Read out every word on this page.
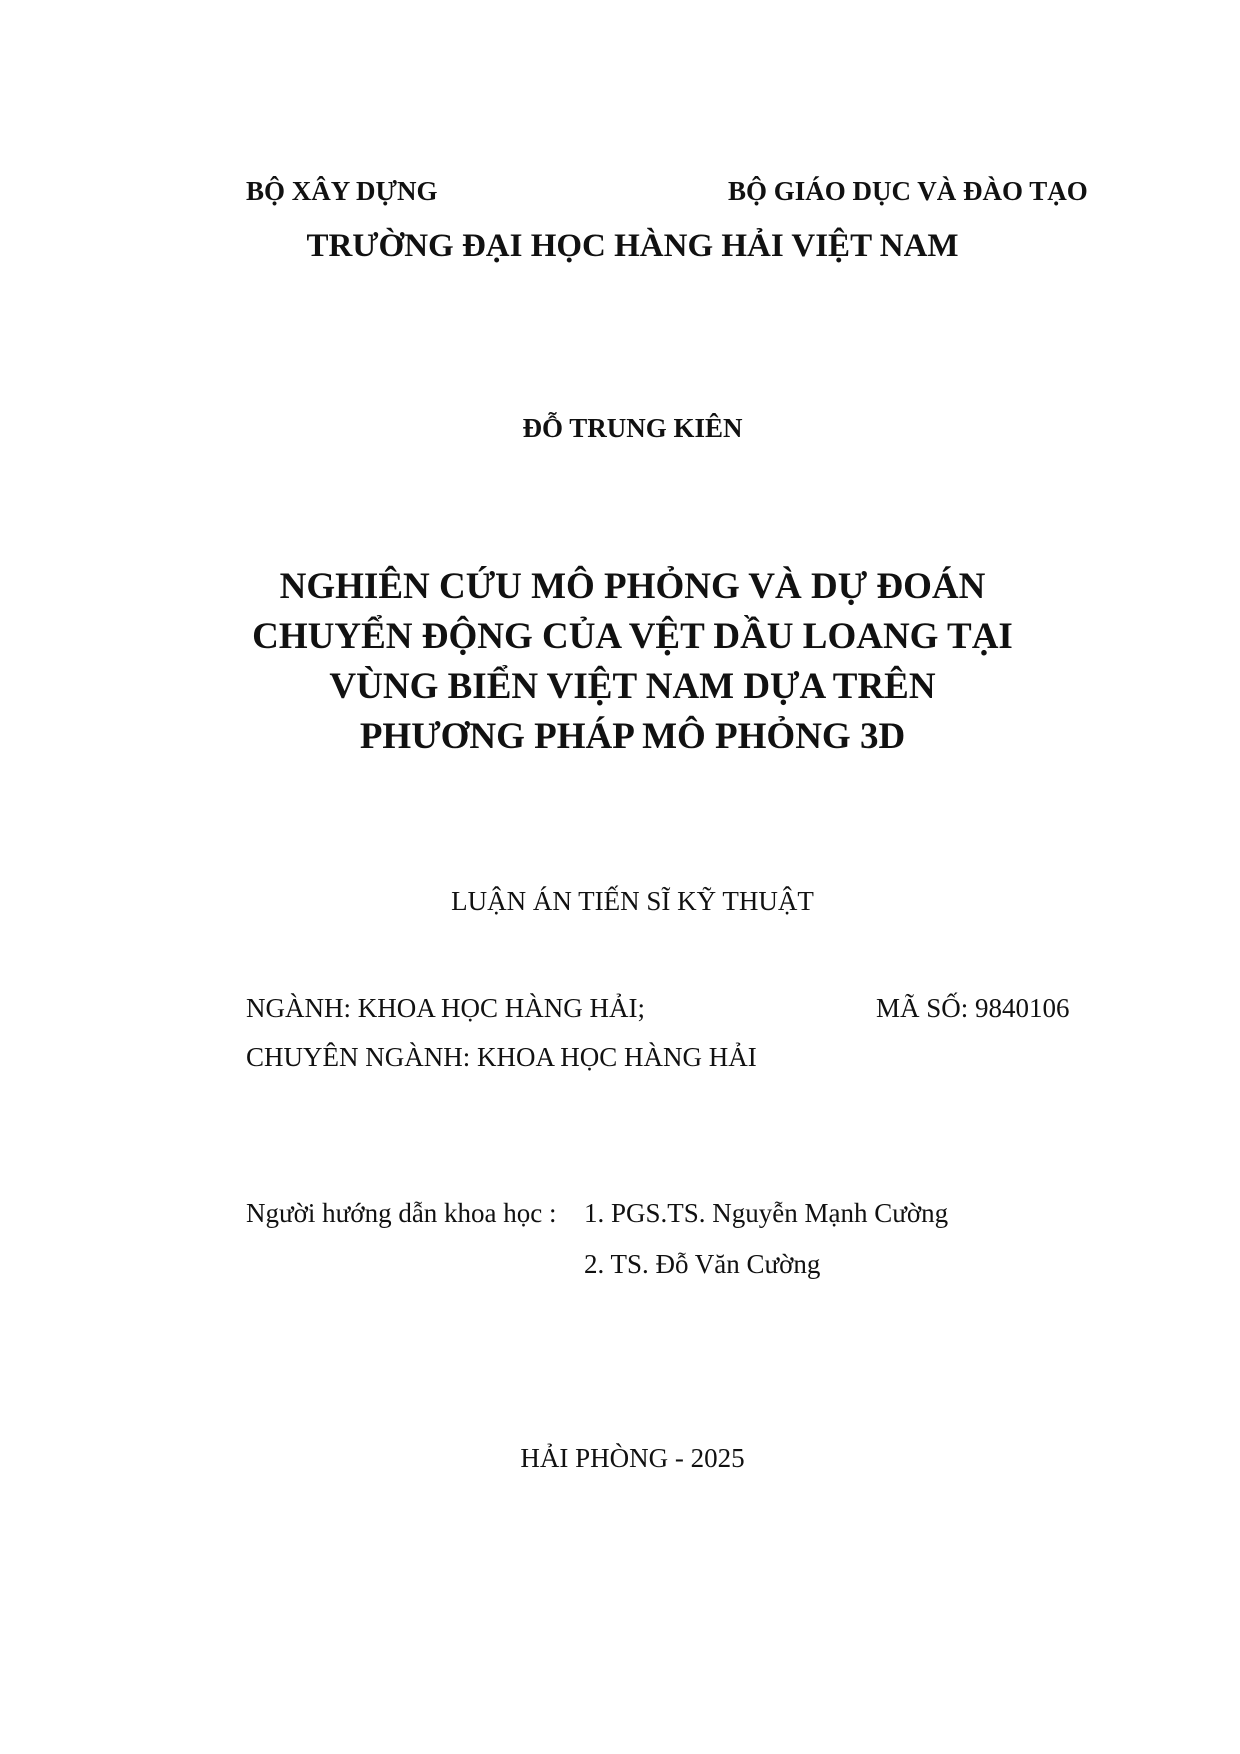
BỘ XÂY DỰNG	BỘ GIÁO DỤC VÀ ĐÀO TẠO
TRƯỜNG ĐẠI HỌC HÀNG HẢI VIỆT NAM
ĐỖ TRUNG KIÊN
NGHIÊN CỨU MÔ PHỎNG VÀ DỰ ĐOÁN
CHUYỂN ĐỘNG CỦA VỆT DẦU LOANG TẠI
VÙNG BIỂN VIỆT NAM DỰA TRÊN
PHƯƠNG PHÁP MÔ PHỎNG 3D
LUẬN ÁN TIẾN SĨ KỸ THUẬT
NGÀNH: KHOA HỌC HÀNG HẢI;	MÃ SỐ: 9840106
CHUYÊN NGÀNH: KHOA HỌC HÀNG HẢI
Người hướng dẫn khoa học : 1. PGS.TS. Nguyễn Mạnh Cường
2. TS. Đỗ Văn Cường
HẢI PHÒNG - 2025
